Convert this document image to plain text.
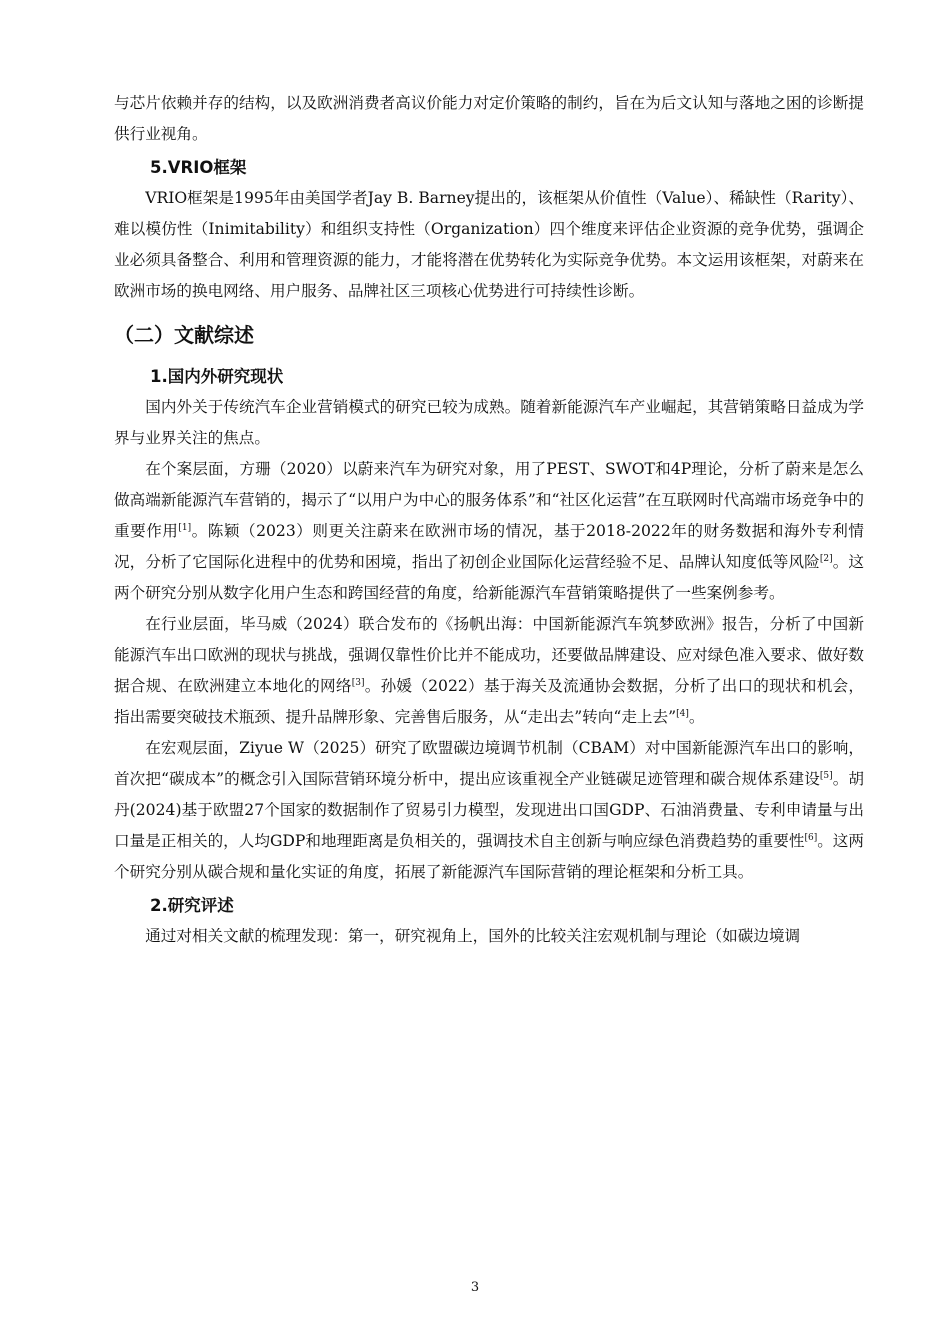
与芯片依赖并存的结构，以及欧洲消费者高议价能力对定价策略的制约，旨在为后文认知与落地之困的诊断提供行业视角。

5.VRIO框架

VRIO框架是1995年由美国学者Jay B. Barney提出的，该框架从价值性（Value）、稀缺性（Rarity）、难以模仿性（Inimitability）和组织支持性（Organization）四个维度来评估企业资源的竞争优势，强调企业必须具备整合、利用和管理资源的能力，才能将潜在优势转化为实际竞争优势。本文运用该框架，对蔚来在欧洲市场的换电网络、用户服务、品牌社区三项核心优势进行可持续性诊断。

（二）文献综述
1.国内外研究现状

国内外关于传统汽车企业营销模式的研究已较为成熟。随着新能源汽车产业崛起，其营销策略日益成为学界与业界关注的焦点。

在个案层面，方珊（2020）以蔚来汽车为研究对象，用了PEST、SWOT和4P理论，分析了蔚来是怎么做高端新能源汽车营销的，揭示了“以用户为中心的服务体系”和“社区化运营”在互联网时代高端市场竞争中的重要作用[1]。陈颖（2023）则更关注蔚来在欧洲市场的情况，基于2018-2022年的财务数据和海外专利情况，分析了它国际化进程中的优势和困境，指出了初创企业国际化运营经验不足、品牌认知度低等风险[2]。这两个研究分别从数字化用户生态和跨国经营的角度，给新能源汽车营销策略提供了一些案例参考。

在行业层面，毕马威（2024）联合发布的《扬帆出海：中国新能源汽车筑梦欧洲》报告，分析了中国新能源汽车出口欧洲的现状与挑战，强调仅靠性价比并不能成功，还要做品牌建设、应对绿色准入要求、做好数据合规、在欧洲建立本地化的网络[3]。孙媛（2022）基于海关及流通协会数据，分析了出口的现状和机会，指出需要突破技术瓶颈、提升品牌形象、完善售后服务，从“走出去”转向“走上去”[4]。

在宏观层面，Ziyue W（2025）研究了欧盟碳边境调节机制（CBAM）对中国新能源汽车出口的影响，首次把“碳成本”的概念引入国际营销环境分析中，提出应该重视全产业链碳足迹管理和碳合规体系建设[5]。胡丹(2024)基于欧盟27个国家的数据制作了贸易引力模型，发现进出口国GDP、石油消费量、专利申请量与出口量是正相关的，人均GDP和地理距离是负相关的，强调技术自主创新与响应绿色消费趋势的重要性[6]。这两个研究分别从碳合规和量化实证的角度，拓展了新能源汽车国际营销的理论框架和分析工具。

2.研究评述

通过对相关文献的梳理发现：第一，研究视角上，国外的比较关注宏观机制与理论（如碳边境调

3
